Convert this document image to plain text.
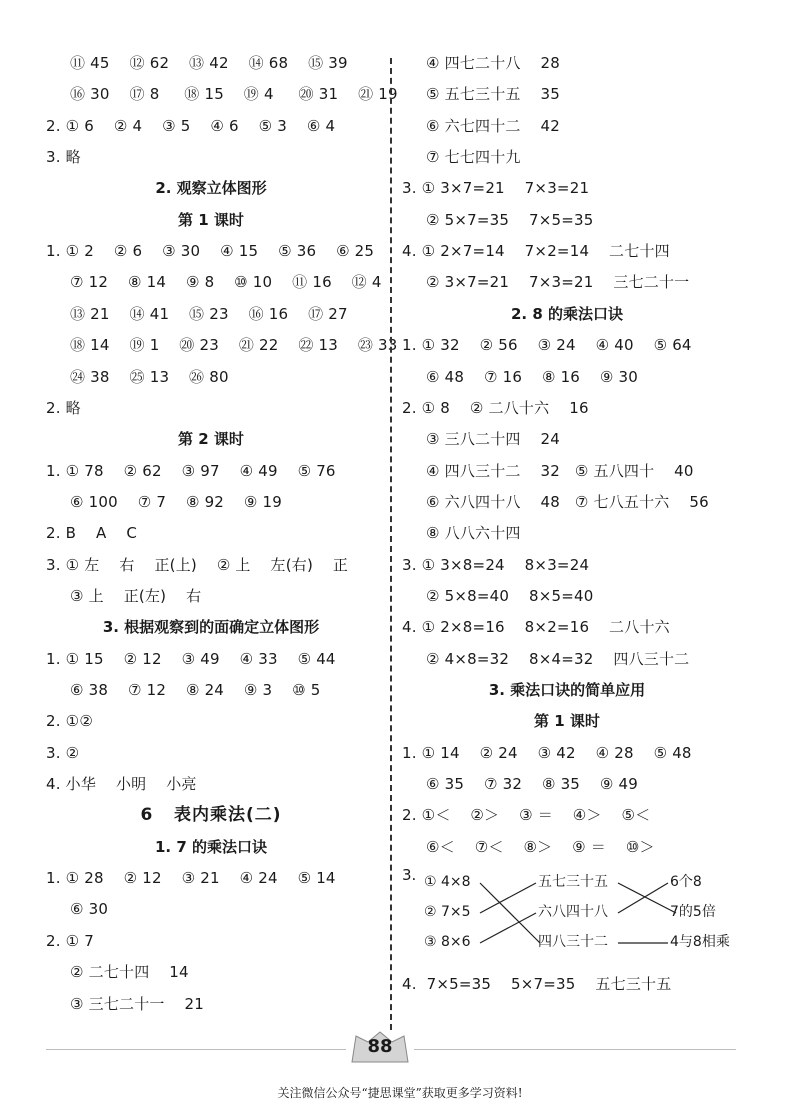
⑪ 45    ⑫ 62    ⑬ 42    ⑭ 68    ⑮ 39
⑯ 30    ⑰ 8     ⑱ 15    ⑲ 4     ⑳ 31    ㉑ 19
2. ① 6    ② 4    ③ 5    ④ 6    ⑤ 3    ⑥ 4
3. 略
2. 观察立体图形
第 1 课时
1. ① 2    ② 6    ③ 30    ④ 15    ⑤ 36    ⑥ 25
⑦ 12    ⑧ 14    ⑨ 8    ⑩ 10    ⑪ 16    ⑫ 4
⑬ 21    ⑭ 41    ⑮ 23    ⑯ 16    ⑰ 27
⑱ 14    ⑲ 1    ⑳ 23    ㉑ 22    ㉒ 13    ㉓ 33
㉔ 38    ㉕ 13    ㉖ 80
2. 略
第 2 课时
1. ① 78    ② 62    ③ 97    ④ 49    ⑤ 76
⑥ 100    ⑦ 7    ⑧ 92    ⑨ 19
2. B    A    C
3. ① 左    右    正(上)    ② 上    左(右)    正
③ 上    正(左)    右
3. 根据观察到的面确定立体图形
1. ① 15    ② 12    ③ 49    ④ 33    ⑤ 44
⑥ 38    ⑦ 12    ⑧ 24    ⑨ 3    ⑩ 5
2. ①②
3. ②
4. 小华    小明    小亮
6   表内乘法(二)
1. 7 的乘法口诀
1. ① 28    ② 12    ③ 21    ④ 24    ⑤ 14
⑥ 30
2. ① 7
② 二七十四    14
③ 三七二十一    21
④ 四七二十八    28
⑤ 五七三十五    35
⑥ 六七四十二    42
⑦ 七七四十九
3. ① 3×7=21    7×3=21
② 5×7=35    7×5=35
4. ① 2×7=14    7×2=14    二七十四
② 3×7=21    7×3=21    三七二十一
2. 8 的乘法口诀
1. ① 32    ② 56    ③ 24    ④ 40    ⑤ 64
⑥ 48    ⑦ 16    ⑧ 16    ⑨ 30
2. ① 8    ② 二八十六    16
③ 三八二十四    24
④ 四八三十二    32   ⑤ 五八四十    40
⑥ 六八四十八    48   ⑦ 七八五十六    56
⑧ 八八六十四
3. ① 3×8=24    8×3=24
② 5×8=40    8×5=40
4. ① 2×8=16    8×2=16    二八十六
② 4×8=32    8×4=32    四八三十二
3. 乘法口诀的简单应用
第 1 课时
1. ① 14    ② 24    ③ 42    ④ 28    ⑤ 48
⑥ 35    ⑦ 32    ⑧ 35    ⑨ 49
2. ①＜    ②＞    ③ ＝    ④＞    ⑤＜
⑥＜    ⑦＜    ⑧＞    ⑨ ＝    ⑩＞
3. ① 4×8
② 7×5
③ 8×6
五七三十五
六八四十八
四八三十二
6个8
7的5倍
4与8相乘
4.  7×5=35    5×7=35    五七三十五
88
关注微信公众号“捷思课堂”获取更多学习资料!
